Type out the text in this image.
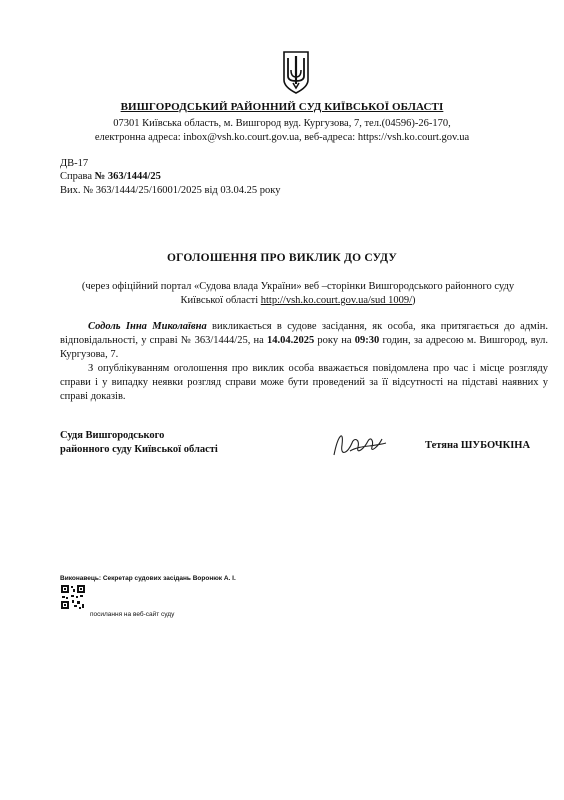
ВИШГОРОДСЬКИЙ РАЙОННИЙ СУД КИЇВСЬКОЇ ОБЛАСТІ
07301 Київська область, м. Вишгород вуд. Кургузова, 7, тел.(04596)-26-170,
електронна адреса: inbox@vsh.ko.court.gov.ua, веб-адреса: https://vsh.ko.court.gov.ua
ДВ-17
Справа № 363/1444/25
Вих. № 363/1444/25/16001/2025 від 03.04.25 року
ОГОЛОШЕННЯ ПРО ВИКЛИК ДО СУДУ
(через офіційний портал «Судова влада України» веб –сторінки Вишгородського районного суду Київської області http://vsh.ko.court.gov.ua/sud 1009/)

Содоль Інна Миколаївна викликається в судове засідання, як особа, яка притягається до адмін. відповідальності, у справі № 363/1444/25, на 14.04.2025 року на 09:30 годин, за адресою м. Вишгород, вул. Кургузова, 7.

З опублікуванням оголошення про виклик особа вважається повідомлена про час і місце розгляду справи і у випадку неявки розгляд справи може бути проведений за її відсутності на підставі наявних у справі доказів.

Судя Вишгородського
районного суду Київської області	Тетяна ШУБОЧКІНА
Виконавець: Секретар судових засідань Воронюк А. І.
посилання на веб-сайт суду
